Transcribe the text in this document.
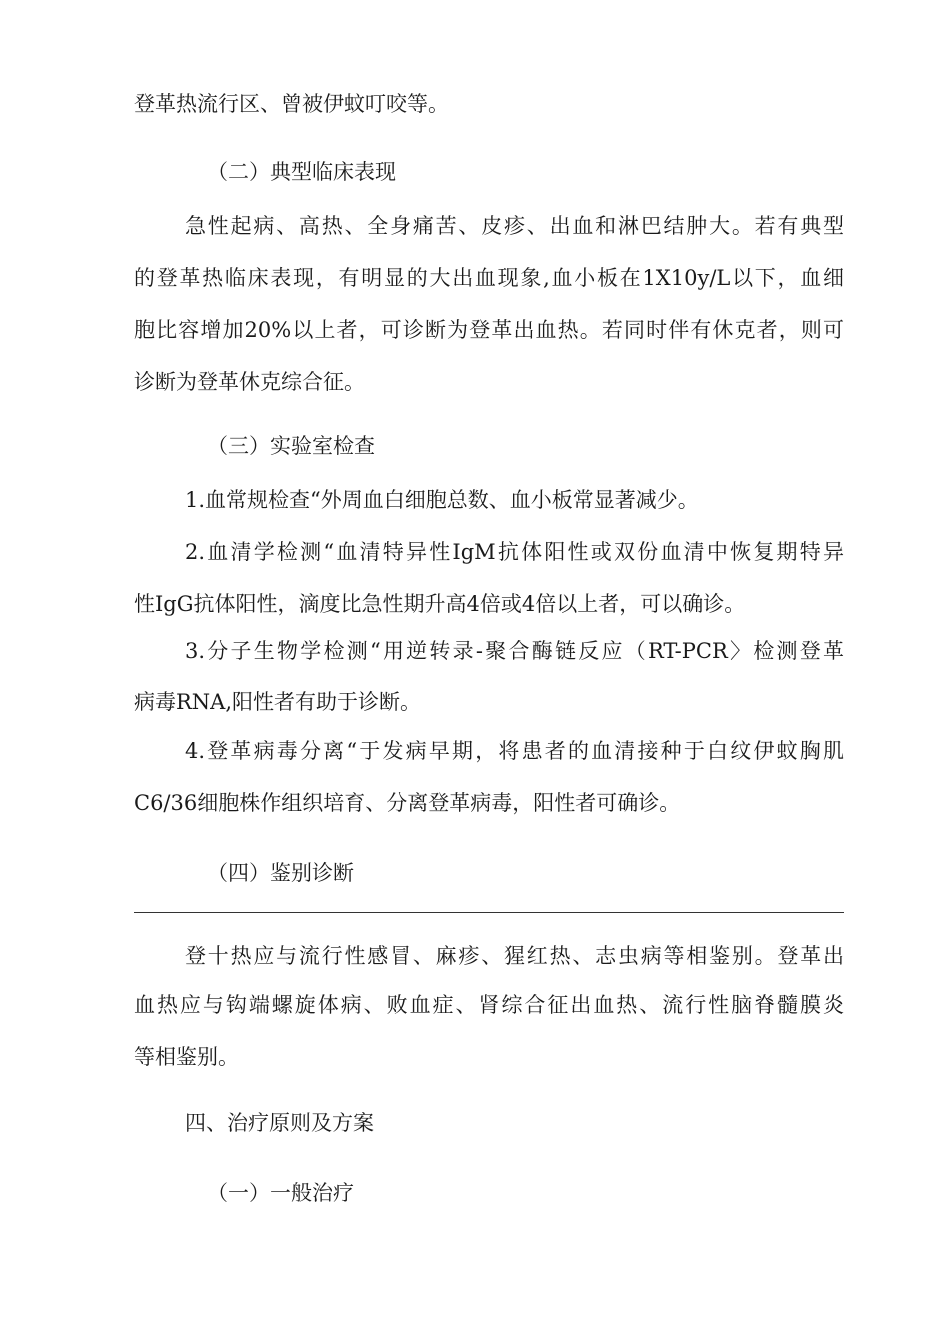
登革热流行区、曾被伊蚊叮咬等。
（二）典型临床表现
急性起病、高热、全身痛苦、皮疹、出血和淋巴结肿大。若有典型
的登革热临床表现，有明显的大出血现象,血小板在1X10y/L以下，血细
胞比容增加20%以上者，可诊断为登革出血热。若同时伴有休克者，则可
诊断为登革休克综合征。
（三）实验室检查
1.血常规检查“外周血白细胞总数、血小板常显著减少。
2.血清学检测“血清特异性IgM抗体阳性或双份血清中恢复期特异
性IgG抗体阳性，滴度比急性期升高4倍或4倍以上者，可以确诊。
3.分子生物学检测“用逆转录-聚合酶链反应（RT-PCR〉检测登革
病毒RNA,阳性者有助于诊断。
4.登革病毒分离“于发病早期，将患者的血清接种于白纹伊蚊胸肌
C6/36细胞株作组织培育、分离登革病毒，阳性者可确诊。
（四）鉴别诊断
登十热应与流行性感冒、麻疹、猩红热、志虫病等相鉴别。登革出
血热应与钩端螺旋体病、败血症、肾综合征出血热、流行性脑脊髓膜炎
等相鉴别。
四、治疗原则及方案
（一）一般治疗
